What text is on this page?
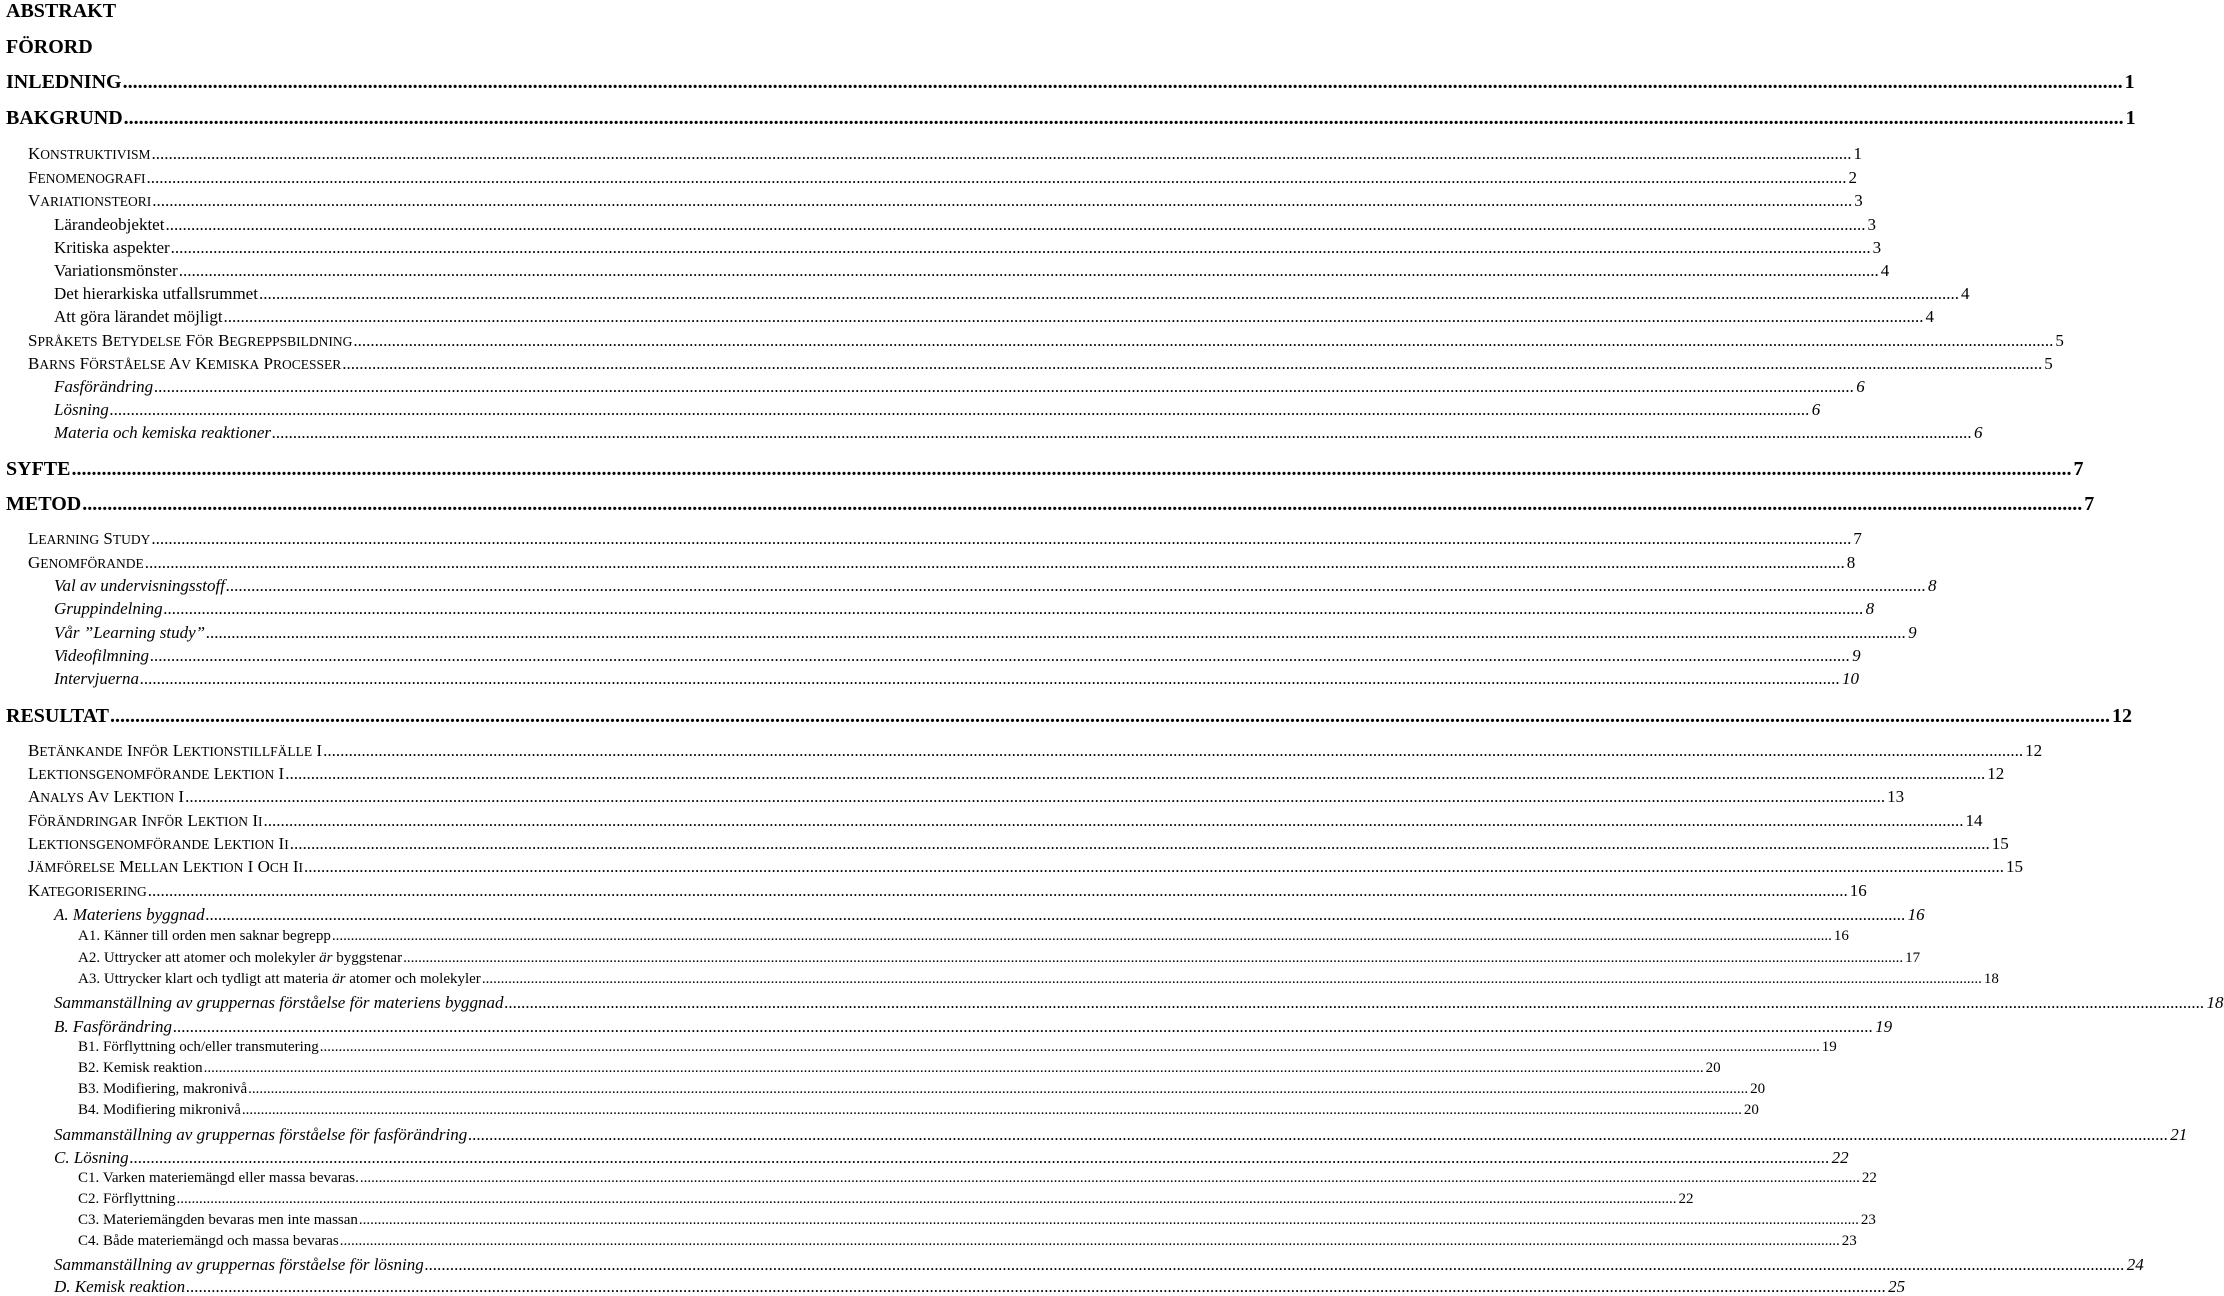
ABSTRAKT
FÖRORD
INLEDNING ................................................................................................................................................................................................................................................................................................................................................................................................................ 1
BAKGRUND ................................................................................................................................................................................................................................................................................................................................................................................................................ 1
KONSTRUKTIVISM ................................................................................................................................................................................................................................................................................................................................................................................................................ 1
FENOMENOGRAFI ................................................................................................................................................................................................................................................................................................................................................................................................................ 2
VARIATIONSTEORI ................................................................................................................................................................................................................................................................................................................................................................................................................ 3
Lärandeobjektet ................................................................................................................................................................................................................................................................................................................................................................................................................ 3
Kritiska aspekter ................................................................................................................................................................................................................................................................................................................................................................................................................ 3
Variationsmönster ................................................................................................................................................................................................................................................................................................................................................................................................................ 4
Det hierarkiska utfallsrummet ................................................................................................................................................................................................................................................................................................................................................................................................................ 4
Att göra lärandet möjligt ................................................................................................................................................................................................................................................................................................................................................................................................................ 4
SPRÅKETS BETYDELSE FÖR BEGREPPSBILDNING ................................................................................................................................................................................................................................................................................................................................................................................................................ 5
BARNS FÖRSTÅELSE AV KEMISKA PROCESSER ................................................................................................................................................................................................................................................................................................................................................................................................................ 5
Fasförändring ................................................................................................................................................................................................................................................................................................................................................................................................................ 6
Lösning ................................................................................................................................................................................................................................................................................................................................................................................................................ 6
Materia och kemiska reaktioner ................................................................................................................................................................................................................................................................................................................................................................................................................ 6
SYFTE ................................................................................................................................................................................................................................................................................................................................................................................................................ 7
METOD ................................................................................................................................................................................................................................................................................................................................................................................................................ 7
LEARNING STUDY ................................................................................................................................................................................................................................................................................................................................................................................................................ 7
GENOMFÖRANDE ................................................................................................................................................................................................................................................................................................................................................................................................................ 8
Val av undervisningsstoff ................................................................................................................................................................................................................................................................................................................................................................................................................ 8
Gruppindelning ................................................................................................................................................................................................................................................................................................................................................................................................................ 8
Vår ”Learning study” ................................................................................................................................................................................................................................................................................................................................................................................................................ 9
Videofilmning ................................................................................................................................................................................................................................................................................................................................................................................................................ 9
Intervjuerna ................................................................................................................................................................................................................................................................................................................................................................................................................ 10
RESULTAT ................................................................................................................................................................................................................................................................................................................................................................................................................ 12
BETÄNKANDE INFÖR LEKTIONSTILLFÄLLE I ................................................................................................................................................................................................................................................................................................................................................................................................................ 12
LEKTIONSGENOMFÖRANDE LEKTION I ................................................................................................................................................................................................................................................................................................................................................................................................................ 12
ANALYS AV LEKTION I ................................................................................................................................................................................................................................................................................................................................................................................................................ 13
FÖRÄNDRINGAR INFÖR LEKTION II ................................................................................................................................................................................................................................................................................................................................................................................................................ 14
LEKTIONSGENOMFÖRANDE LEKTION II ................................................................................................................................................................................................................................................................................................................................................................................................................ 15
JÄMFÖRELSE MELLAN LEKTION I OCH II ................................................................................................................................................................................................................................................................................................................................................................................................................ 15
KATEGORISERING ................................................................................................................................................................................................................................................................................................................................................................................................................ 16
A. Materiens byggnad ................................................................................................................................................................................................................................................................................................................................................................................................................ 16
A1. Känner till orden men saknar begrepp ................................................................................................................................................................................................................................................................................................................................................................................................................ 16
A2. Uttrycker att atomer och molekyler är byggstenar ................................................................................................................................................................................................................................................................................................................................................................................................................ 17
A3. Uttrycker klart och tydligt att materia är atomer och molekyler ................................................................................................................................................................................................................................................................................................................................................................................................................ 18
Sammanställning av gruppernas förståelse för materiens byggnad ................................................................................................................................................................................................................................................................................................................................................................................................................ 18
B. Fasförändring ................................................................................................................................................................................................................................................................................................................................................................................................................ 19
B1. Förflyttning och/eller transmutering ................................................................................................................................................................................................................................................................................................................................................................................................................ 19
B2. Kemisk reaktion ................................................................................................................................................................................................................................................................................................................................................................................................................ 20
B3. Modifiering, makronivå ................................................................................................................................................................................................................................................................................................................................................................................................................ 20
B4. Modifiering mikronivå ................................................................................................................................................................................................................................................................................................................................................................................................................ 20
Sammanställning av gruppernas förståelse för fasförändring ................................................................................................................................................................................................................................................................................................................................................................................................................ 21
C. Lösning ................................................................................................................................................................................................................................................................................................................................................................................................................ 22
C1. Varken materiemängd eller massa bevaras. ................................................................................................................................................................................................................................................................................................................................................................................................................ 22
C2. Förflyttning ................................................................................................................................................................................................................................................................................................................................................................................................................ 22
C3. Materiemängden bevaras men inte massan ................................................................................................................................................................................................................................................................................................................................................................................................................ 23
C4. Både materiemängd och massa bevaras ................................................................................................................................................................................................................................................................................................................................................................................................................ 23
Sammanställning av gruppernas förståelse för lösning ................................................................................................................................................................................................................................................................................................................................................................................................................ 24
D. Kemisk reaktion ................................................................................................................................................................................................................................................................................................................................................................................................................ 25
